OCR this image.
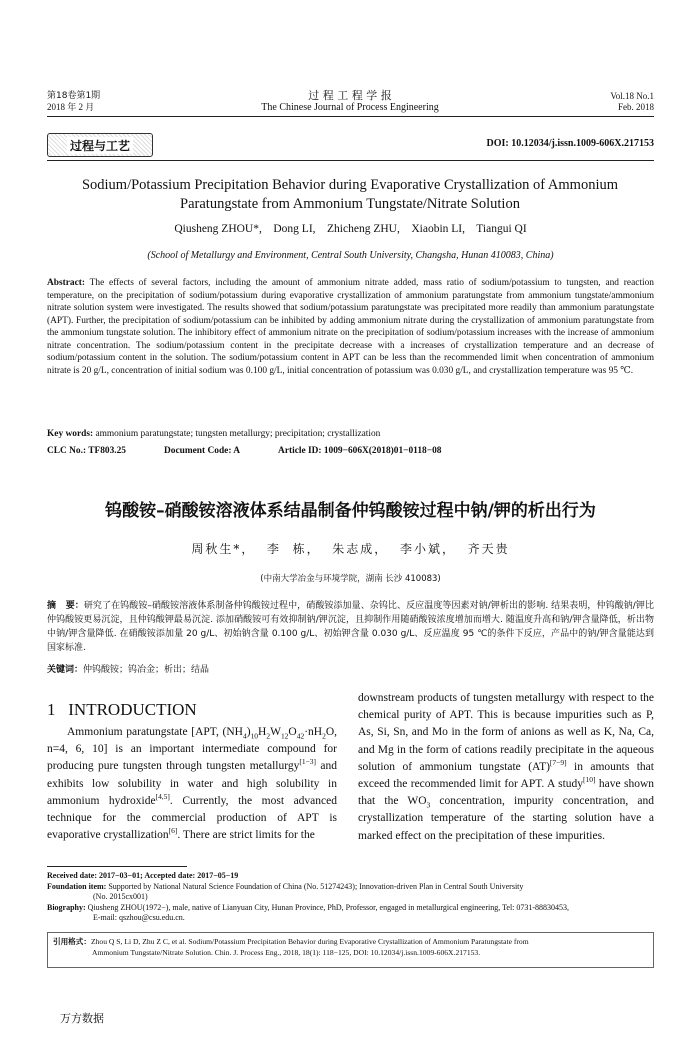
第18卷第1期
2018 年 2 月
过 程 工 程 学 报
The Chinese Journal of Process Engineering
Vol.18 No.1
Feb. 2018
过程与工艺	DOI: 10.12034/j.issn.1009-606X.217153
Sodium/Potassium Precipitation Behavior during Evaporative Crystallization of Ammonium Paratungstate from Ammonium Tungstate/Nitrate Solution
Qiusheng ZHOU*,    Dong LI,    Zhicheng ZHU,    Xiaobin LI,    Tiangui QI
(School of Metallurgy and Environment, Central South University, Changsha, Hunan 410083, China)
Abstract: The effects of several factors, including the amount of ammonium nitrate added, mass ratio of sodium/potassium to tungsten, and reaction temperature, on the precipitation of sodium/potassium during evaporative crystallization of ammonium paratungstate from ammonium tungstate/ammonium nitrate solution system were investigated. The results showed that sodium/potassium paratungstate was precipitated more readily than ammonium paratungstate (APT). Further, the precipitation of sodium/potassium can be inhibited by adding ammonium nitrate during the crystallization of ammonium paratungstate from the ammonium tungstate solution. The inhibitory effect of ammonium nitrate on the precipitation of sodium/potassium increases with the increase of ammonium nitrate concentration. The sodium/potassium content in the precipitate decrease with a increases of crystallization temperature and an decrease of sodium/potassium content in the solution. The sodium/potassium content in APT can be less than the recommended limit when concentration of ammonium nitrate is 20 g/L, concentration of initial sodium was 0.100 g/L, initial concentration of potassium was 0.030 g/L, and crystallization temperature was 95 ℃.
Key words: ammonium paratungstate; tungsten metallurgy; precipitation; crystallization
CLC No.: TF803.25	Document Code: A	Article ID: 1009−606X(2018)01−0118−08
钨酸铵–硝酸铵溶液体系结晶制备仲钨酸铵过程中钠/钾的析出行为
周秋生*，  李  栋，  朱志成，  李小斌，  齐天贵
(中南大学冶金与环境学院，湖南 长沙 410083)
摘   要：研究了在钨酸铵–硝酸铵溶液体系制备仲钨酸铵过程中，硝酸铵添加量、杂钨比、反应温度等因素对钠/钾析出的影响. 结果表明，仲钨酸钠/钾比仲钨酸铵更易沉淀，且仲钨酸钾最易沉淀. 添加硝酸铵可有效抑制钠/钾沉淀，且抑制作用随硝酸铵浓度增加而增大. 随温度升高和钠/钾含量降低，析出物中钠/钾含量降低. 在硝酸铵添加量 20 g/L、初始钠含量 0.100 g/L、初始钾含量 0.030 g/L、反应温度 95 ℃的条件下反应，产品中的钠/钾含量能达到国家标准.
关键词：仲钨酸铵；钨冶金；析出；结晶
1   INTRODUCTION
Ammonium paratungstate [APT, $(NH_4)_{10}H_2W_{12}O_{42}\cdot nH_2O$, n=4, 6, 10] is an important intermediate compound for producing pure tungsten through tungsten metallurgy[1−3] and exhibits low solubility in water and high solubility in ammonium hydroxide[4,5]. Currently, the most advanced technique for the commercial production of APT is evaporative crystallization[6]. There are strict limits for the
downstream products of tungsten metallurgy with respect to the chemical purity of APT. This is because impurities such as P, As, Si, Sn, and Mo in the form of anions as well as K, Na, Ca, and Mg in the form of cations readily precipitate in the aqueous solution of ammonium tungstate (AT)[7−9] in amounts that exceed the recommended limit for APT. A study[10] have shown that the $WO_3$ concentration, impurity concentration, and crystallization temperature of the starting solution have a marked effect on the precipitation of these impurities.
Received date: 2017−03−01; Accepted date: 2017−05−19
Foundation item: Supported by National Natural Science Foundation of China (No. 51274243); Innovation-driven Plan in Central South University
(No. 2015cx001)
Biography: Qiusheng ZHOU(1972−), male, native of Lianyuan City, Hunan Province, PhD, Professor, engaged in metallurgical engineering, Tel: 0731-88830453,
E-mail: qszhou@csu.edu.cn.
引用格式：Zhou Q S, Li D, Zhu Z C, et al. Sodium/Potassium Precipitation Behavior during Evaporative Crystallization of Ammonium Paratungstate from
Ammonium Tungstate/Nitrate Solution. Chin. J. Process Eng., 2018, 18(1): 118−125, DOI: 10.12034/j.issn.1009-606X.217153.
万方数据
